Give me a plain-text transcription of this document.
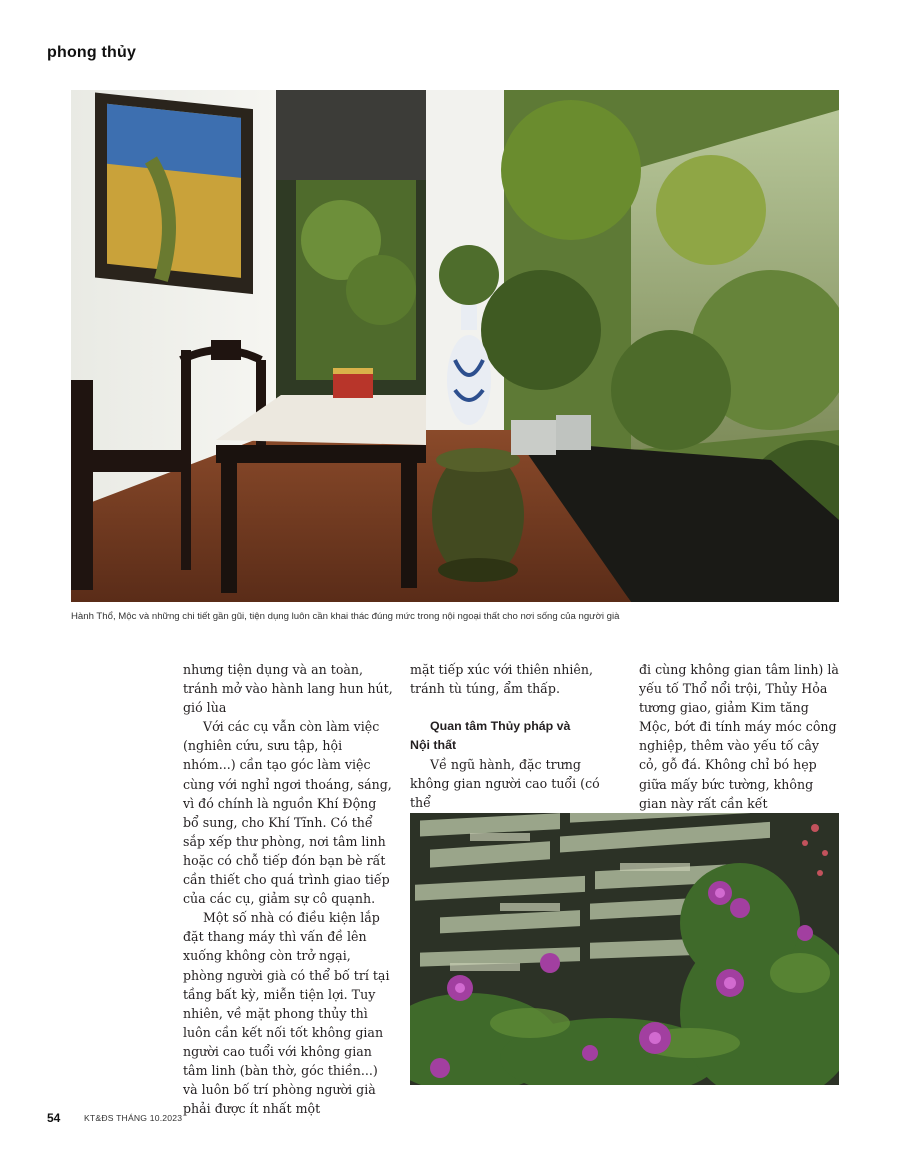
phong thủy
Hành Thổ, Mộc và những chi tiết gần gũi, tiện dụng luôn cần khai thác đúng mức trong nội ngoại thất cho nơi sống của người già

nhưng tiện dụng và an toàn, tránh mở vào hành lang hun hút, gió lùa

Với các cụ vẫn còn làm việc (nghiên cứu, sưu tập, hội nhóm...) cần tạo góc làm việc cùng với nghỉ ngơi thoáng, sáng, vì đó chính là nguồn Khí Động bổ sung, cho Khí Tĩnh. Có thể sắp xếp thư phòng, nơi tâm linh hoặc có chỗ tiếp đón bạn bè rất cần thiết cho quá trình giao tiếp của các cụ, giảm sự cô quạnh.

Một số nhà có điều kiện lắp đặt thang máy thì vấn đề lên xuống không còn trở ngại, phòng người già có thể bố trí tại tầng bất kỳ, miễn tiện lợi. Tuy nhiên, về mặt phong thủy thì luôn cần kết nối tốt không gian người cao tuổi với không gian tâm linh (bàn thờ, góc thiền...) và luôn bố trí phòng người già phải được ít nhất một

mặt tiếp xúc với thiên nhiên, tránh tù túng, ẩm thấp.

Quan tâm Thủy pháp và
Nội thất

Về ngũ hành, đặc trưng không gian người cao tuổi (có thể

đi cùng không gian tâm linh) là yếu tố Thổ nổi trội, Thủy Hỏa tương giao, giảm Kim tăng Mộc, bớt đi tính máy móc công nghiệp, thêm vào yếu tố cây cỏ, gỗ đá. Không chỉ bó hẹp giữa mấy bức tường, không gian này rất cần kết

54	KT&ĐS THÁNG 10.2023
